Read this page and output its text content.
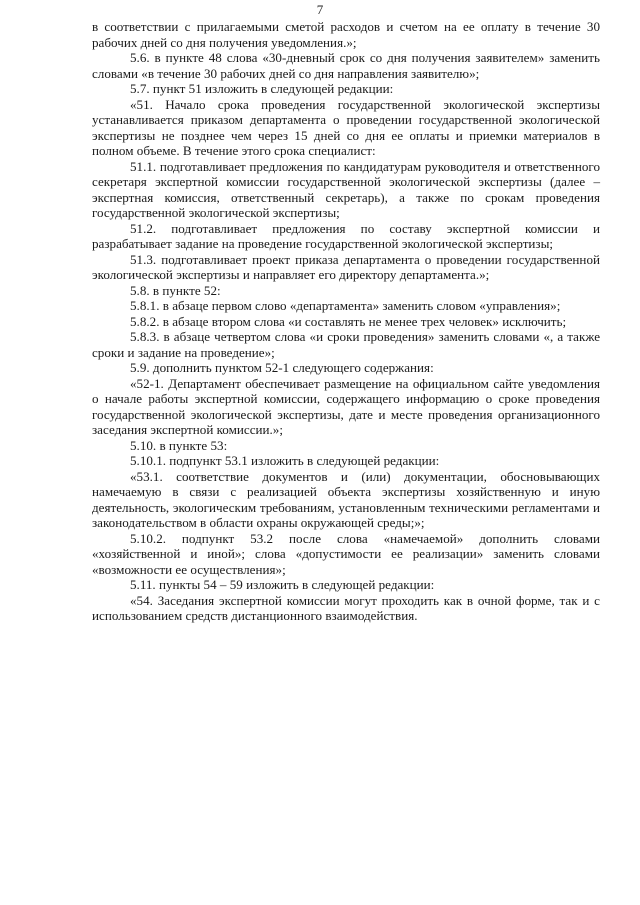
7

в соответствии с прилагаемыми сметой расходов и счетом на ее оплату в течение 30 рабочих дней со дня получения уведомления.»;

5.6. в пункте 48 слова «30-дневный срок со дня получения заявителем» заменить словами «в течение 30 рабочих дней со дня направления заявителю»;

5.7. пункт 51 изложить в следующей редакции:

«51. Начало срока проведения государственной экологической экспертизы устанавливается приказом департамента о проведении государственной экологической экспертизы не позднее чем через 15 дней со дня ее оплаты и приемки материалов в полном объеме. В течение этого срока специалист:

51.1. подготавливает предложения по кандидатурам руководителя и ответственного секретаря экспертной комиссии государственной экологической экспертизы (далее – экспертная комиссия, ответственный секретарь), а также по срокам проведения государственной экологической экспертизы;

51.2. подготавливает предложения по составу экспертной комиссии и разрабатывает задание на проведение государственной экологической экспертизы;

51.3. подготавливает проект приказа департамента о проведении государственной экологической экспертизы и направляет его директору департамента.»;

5.8. в пункте 52:

5.8.1. в абзаце первом слово «департамента» заменить словом «управления»;

5.8.2. в абзаце втором слова «и составлять не менее трех человек» исключить;

5.8.3. в абзаце четвертом слова «и сроки проведения» заменить словами «, а также сроки и задание на проведение»;

5.9. дополнить пунктом 52-1 следующего содержания:

«52-1. Департамент обеспечивает размещение на официальном сайте уведомления о начале работы экспертной комиссии, содержащего информацию о сроке проведения государственной экологической экспертизы, дате и месте проведения организационного заседания экспертной комиссии.»;

5.10. в пункте 53:

5.10.1. подпункт 53.1 изложить в следующей редакции:

«53.1. соответствие документов и (или) документации, обосновывающих намечаемую в связи с реализацией объекта экспертизы хозяйственную и иную деятельность, экологическим требованиям, установленным техническими регламентами и законодательством в области охраны окружающей среды;»;

5.10.2. подпункт 53.2 после слова «намечаемой» дополнить словами «хозяйственной и иной»; слова «допустимости ее реализации» заменить словами «возможности ее осуществления»;

5.11. пункты 54 – 59 изложить в следующей редакции:

«54. Заседания экспертной комиссии могут проходить как в очной форме, так и с использованием средств дистанционного взаимодействия.
